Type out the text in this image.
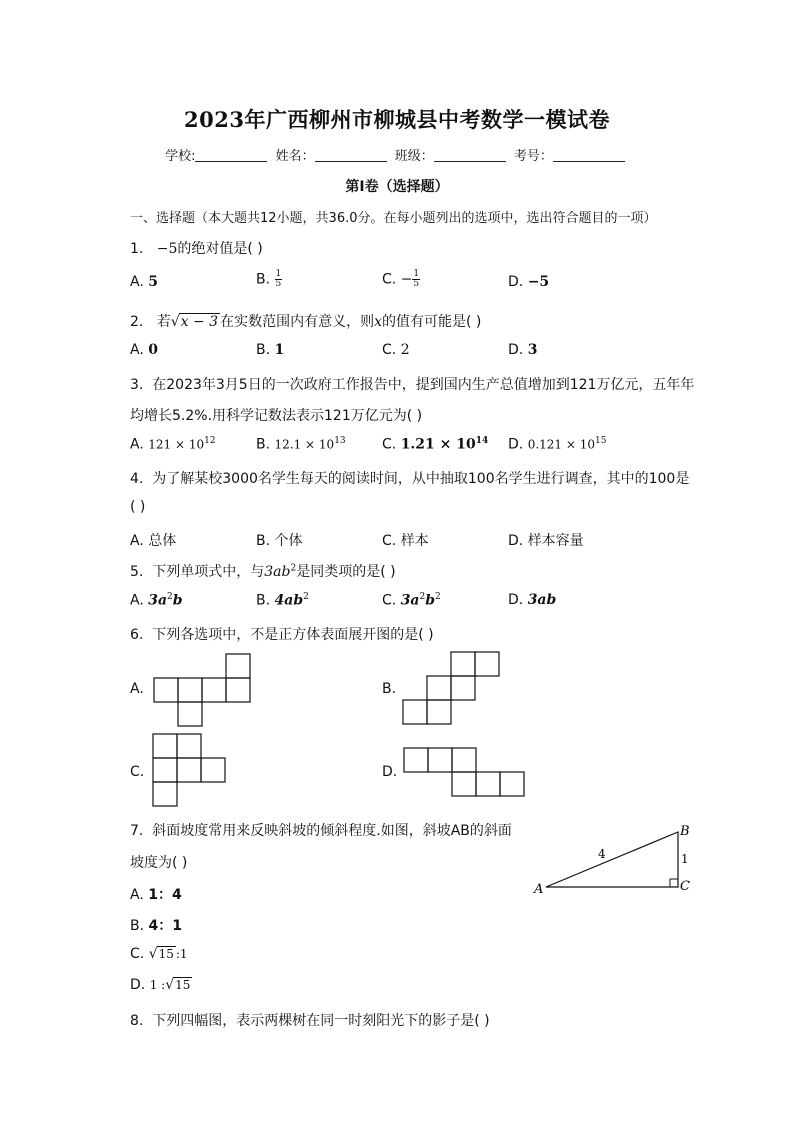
2023年广西柳州市柳城县中考数学一模试卷
学校:	姓名：	班级：	考号：
第I卷（选择题）
一、选择题（本大题共12小题，共36.0分。在每小题列出的选项中，选出符合题目的一项）
1. −5的绝对值是( )
A. 5	B. $\frac{1}{5}$	C. − $\frac{1}{5}$	D. −5
2. 若√x − 3 在实数范围内有意义，则x的值有可能是( )
A. 0	B. 1	C. 2	D. 3
3. 在2023年3月5日的一次政府工作报告中，提到国内生产总值增加到121万亿元，五年年
均增长5.2%.用科学记数法表示121万亿元为( )
A. $121 \times 10^{12}$	B. $12.1 \times 10^{13}$	C. $1.21 \times 10^{14}$ D. $0.121 \times 10^{15}$
4. 为了解某校3000名学生每天的阅读时间，从中抽取100名学生进行调查，其中的100是
( )
A. 总体	B. 个体	C. 样本	D. 样本容量
5. 下列单项式中，与$3ab^2$是同类项的是( )
A. $3a^2b$	B. $4ab^2$	C. $3a^2b^2$	D. 3ab
6. 下列各选项中，不是正方体表面展开图的是( )
A.	B.
C.	D.
A
B
C
4	1
7. 斜面坡度常用来反映斜坡的倾斜程度.如图，斜坡AB的斜面
坡度为( )
A. 1：4
B. 4：1
C. √15 :1
D. 1 :√15
8. 下列四幅图，表示两棵树在同一时刻阳光下的影子是( )
